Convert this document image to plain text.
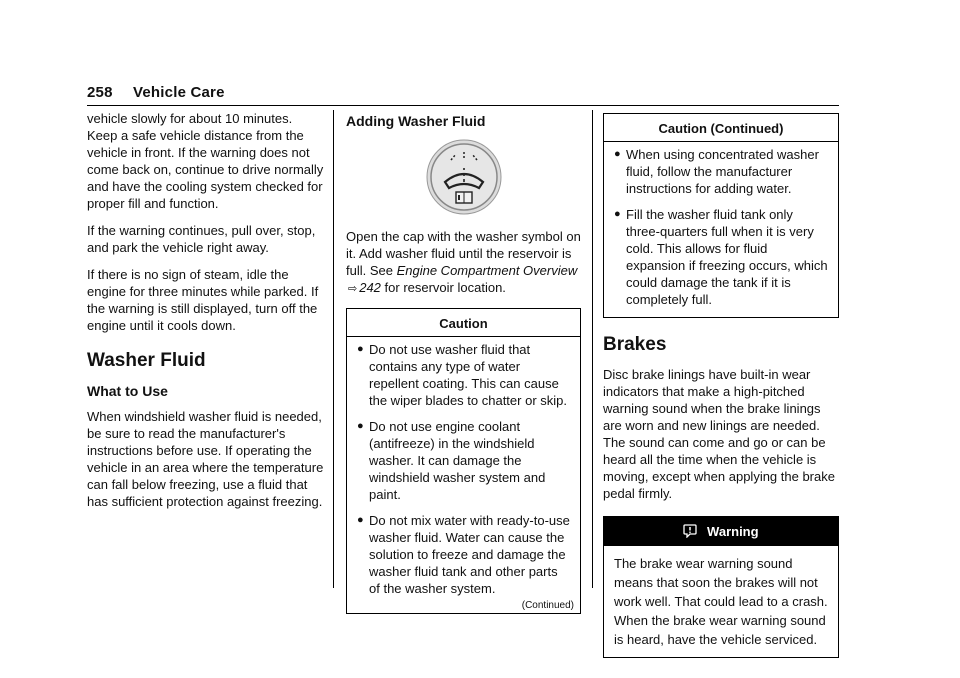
258 Vehicle Care

vehicle slowly for about 10 minutes. Keep a safe vehicle distance from the vehicle in front. If the warning does not come back on, continue to drive normally and have the cooling system checked for proper fill and function.

If the warning continues, pull over, stop, and park the vehicle right away.

If there is no sign of steam, idle the engine for three minutes while parked. If the warning is still displayed, turn off the engine until it cools down.

Washer Fluid
What to Use

When windshield washer fluid is needed, be sure to read the manufacturer's instructions before use. If operating the vehicle in an area where the temperature can fall below freezing, use a fluid that has sufficient protection against freezing.

Adding Washer Fluid

Open the cap with the washer symbol on it. Add washer fluid until the reservoir is full. See Engine Compartment Overview ⇨ 242 for reservoir location.

Caution
● Do not use washer fluid that contains any type of water repellent coating. This can cause the wiper blades to chatter or skip.
● Do not use engine coolant (antifreeze) in the windshield washer. It can damage the windshield washer system and paint.
● Do not mix water with ready-to-use washer fluid. Water can cause the solution to freeze and damage the washer fluid tank and other parts of the washer system.
(Continued)
Caution (Continued)
● When using concentrated washer fluid, follow the manufacturer instructions for adding water.
● Fill the washer fluid tank only three-quarters full when it is very cold. This allows for fluid expansion if freezing occurs, which could damage the tank if it is completely full.
Brakes

Disc brake linings have built-in wear indicators that make a high-pitched warning sound when the brake linings are worn and new linings are needed. The sound can come and go or can be heard all the time when the vehicle is moving, except when applying the brake pedal firmly.

Warning
The brake wear warning sound means that soon the brakes will not work well. That could lead to a crash. When the brake wear warning sound is heard, have the vehicle serviced.
